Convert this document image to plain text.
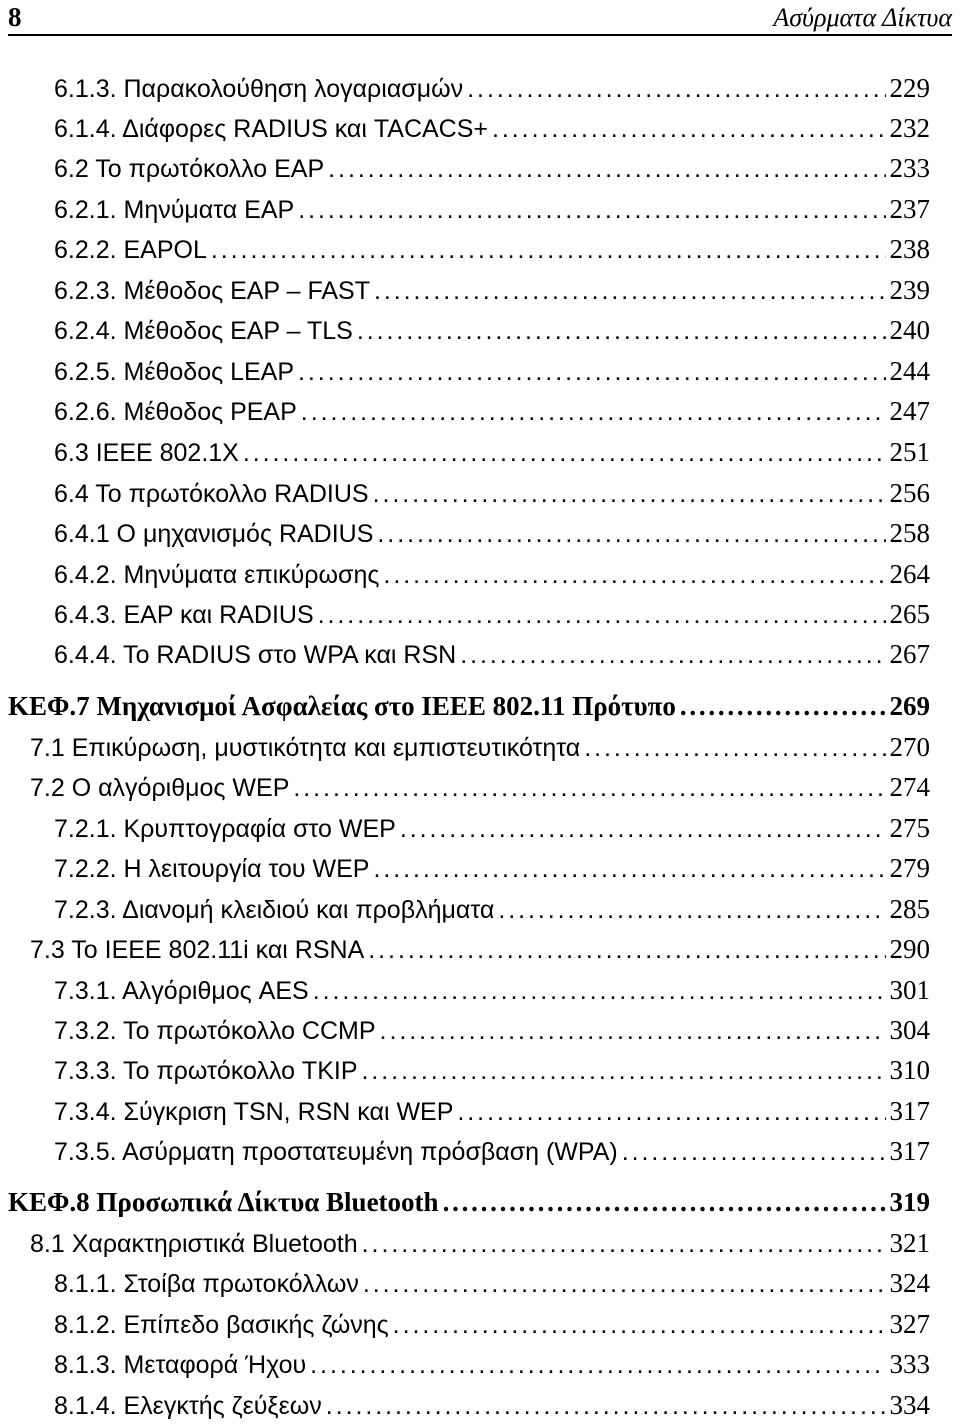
8	Ασύρματα Δίκτυα
6.1.3. Παρακολούθηση λογαριασμών . . .	229
6.1.4. Διάφορες RADIUS και TACACS+ . . .	232
6.2 Το πρωτόκολλο EAP . . .	233
6.2.1. Μηνύματα EAP . . .	237
6.2.2. EAPOL . . .	238
6.2.3. Μέθοδος EAP – FAST . . .	239
6.2.4. Μέθοδος EAP – TLS . . .	240
6.2.5. Μέθοδος LEAP . . .	244
6.2.6. Μέθοδος PEAP . . .	247
6.3 IEEE 802.1X . . .	251
6.4 Το πρωτόκολλο RADIUS . . .	256
6.4.1 Ο μηχανισμός RADIUS . . .	258
6.4.2. Μηνύματα επικύρωσης . . .	264
6.4.3. EAP και RADIUS . . .	265
6.4.4. Το RADIUS στο WPA και RSN . . .	267
ΚΕΦ.7 Μηχανισμοί Ασφαλείας στο IEEE 802.11 Πρότυπο . . .	269
7.1 Επικύρωση, μυστικότητα και εμπιστευτικότητα . . .	270
7.2 Ο αλγόριθμος WEP . . .	274
7.2.1. Κρυπτογραφία στο WEP . . .	275
7.2.2. Η λειτουργία του WEP . . .	279
7.2.3. Διανομή κλειδιού και προβλήματα . . .	285
7.3 Το IEEE 802.11i και RSNA . . .	290
7.3.1. Αλγόριθμος AES . . .	301
7.3.2. Το πρωτόκολλο CCMP . . .	304
7.3.3. Το πρωτόκολλο TKIP . . .	310
7.3.4. Σύγκριση TSN, RSN και WEP . . .	317
7.3.5. Ασύρματη προστατευμένη πρόσβαση (WPA) . . .	317
ΚΕΦ.8 Προσωπικά Δίκτυα Bluetooth . . .	319
8.1 Χαρακτηριστικά Bluetooth . . .	321
8.1.1. Στοίβα πρωτοκόλλων . . .	324
8.1.2. Επίπεδο βασικής ζώνης . . .	327
8.1.3. Μεταφορά Ήχου . . .	333
8.1.4. Ελεγκτής ζεύξεων . . .	334
